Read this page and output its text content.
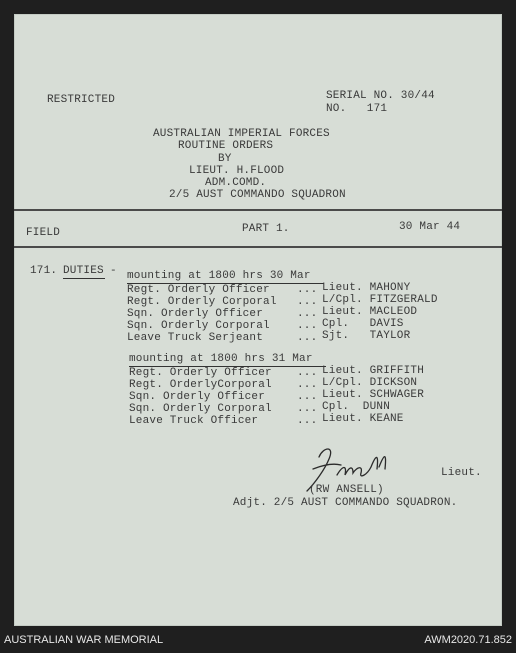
RESTRICTED	SERIAL NO. 30/44
NO.   171
AUSTRALIAN IMPERIAL FORCES
ROUTINE ORDERS
BY
LIEUT. H.FLOOD
ADM.COMD.
2/5 AUST COMMANDO SQUADRON
FIELD	PART 1.	30 Mar 44
171. DUTIES - mounting at 1800 hrs 30 Mar
Regt. Orderly Officer ... Lieut. MAHONY
Regt. Orderly Corporal ... L/Cpl. FITZGERALD
Sqn. Orderly Officer	... Lieut. MACLEOD
Sqn. Orderly Corporal ... Cpl.   DAVIS
Leave Truck Serjeant	... Sjt.   TAYLOR
mounting at 1800 hrs 31 Mar
Regt. Orderly Officer ... Lieut. GRIFFITH
Regt. OrderlyCorporal ... L/Cpl. DICKSON
Sqn. Orderly Officer	... Lieut. SCHWAGER
Sqn. Orderly Corporal ... Cpl.  DUNN
Leave Truck Officer	... Lieut. KEANE
Lieut.
(RW ANSELL)
Adjt. 2/5 AUST COMMANDO SQUADRON.
AUSTRALIAN WAR MEMORIAL	AWM2020.71.852
